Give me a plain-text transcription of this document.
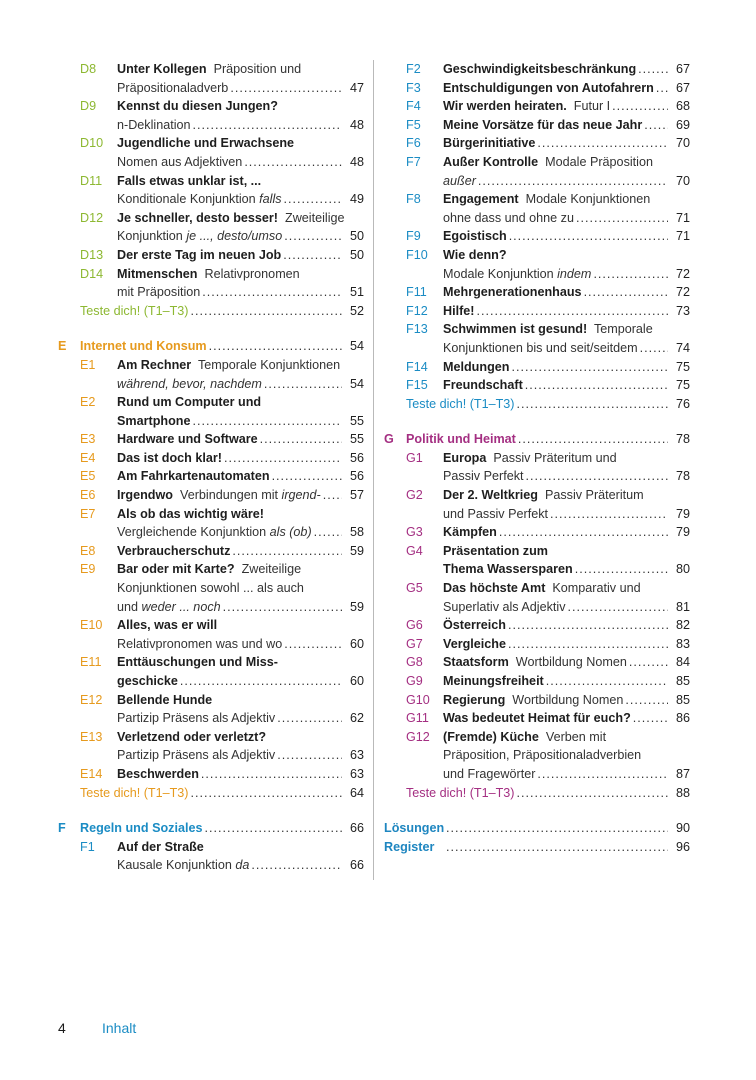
D8	Unter Kollegen Präposition und
Präpositionaladverb .....	47
D9	Kennst du diesen Jungen?
n-Deklination .....	48
D10	Jugendliche und Erwachsene
Nomen aus Adjektiven .....	48
D11	Falls etwas unklar ist, ...
Konditionale Konjunktion falls .....	49
D12	Je schneller, desto besser! Zweiteilige
Konjunktion je ..., desto/umso .....	50
D13	Der erste Tag im neuen Job .....	50
D14	Mitmenschen Relativpronomen
mit Präposition .....	51
Teste dich! (T1–T3) .....	52
E	Internet und Konsum .....	54
E1	Am Rechner Temporale Konjunktionen
während, bevor, nachdem .....	54
E2	Rund um Computer und
Smartphone .....	55
E3	Hardware und Software .....	55
E4	Das ist doch klar! .....	56
E5	Am Fahrkartenautomaten .....	56
E6	Irgendwo Verbindungen mit irgend- .....	57
E7	Als ob das wichtig wäre!
Vergleichende Konjunktion als (ob) .....	58
E8	Verbraucherschutz .....	59
E9	Bar oder mit Karte? Zweiteilige
Konjunktionen sowohl ... als auch
und weder ... noch .....	59
E10	Alles, was er will
Relativpronomen was und wo .....	60
E11	Enttäuschungen und Miss-
geschicke .....	60
E12	Bellende Hunde
Partizip Präsens als Adjektiv .....	62
E13	Verletzend oder verletzt?
Partizip Präsens als Adjektiv .....	63
E14	Beschwerden .....	63
Teste dich! (T1–T3) .....	64
F	Regeln und Soziales .....	66
F1	Auf der Straße
Kausale Konjunktion da .....	66
F2	Geschwindigkeitsbeschränkung .....	67
F3	Entschuldigungen von Autofahrern .....	67
F4	Wir werden heiraten. Futur I .....	68
F5	Meine Vorsätze für das neue Jahr .....	69
F6	Bürgerinitiative .....	70
F7	Außer Kontrolle Modale Präposition
außer .....	70
F8	Engagement Modale Konjunktionen
ohne dass und ohne zu .....	71
F9	Egoistisch .....	71
F10	Wie denn?
Modale Konjunktion indem .....	72
F11	Mehrgenerationenhaus .....	72
F12	Hilfe! .....	73
F13	Schwimmen ist gesund! Temporale
Konjunktionen bis und seit/seitdem .....	74
F14	Meldungen .....	75
F15	Freundschaft .....	75
Teste dich! (T1–T3) .....	76
G Politik und Heimat .....	78
G1	Europa Passiv Präteritum und
Passiv Perfekt .....	78
G2	Der 2. Weltkrieg Passiv Präteritum
und Passiv Perfekt .....	79
G3	Kämpfen .....	79
G4	Präsentation zum
Thema Wassersparen .....	80
G5	Das höchste Amt Komparativ und
Superlativ als Adjektiv .....	81
G6	Österreich .....	82
G7	Vergleiche .....	83
G8	Staatsform Wortbildung Nomen .....	84
G9	Meinungsfreiheit .....	85
G10	Regierung Wortbildung Nomen .....	85
G11	Was bedeutet Heimat für euch? .....	86
G12	(Fremde) Küche Verben mit
Präposition, Präpositionaladverbien
und Fragewörter .....	87
Teste dich! (T1–T3) .....	88
Lösungen .....	90
Register .....	96
4	Inhalt
